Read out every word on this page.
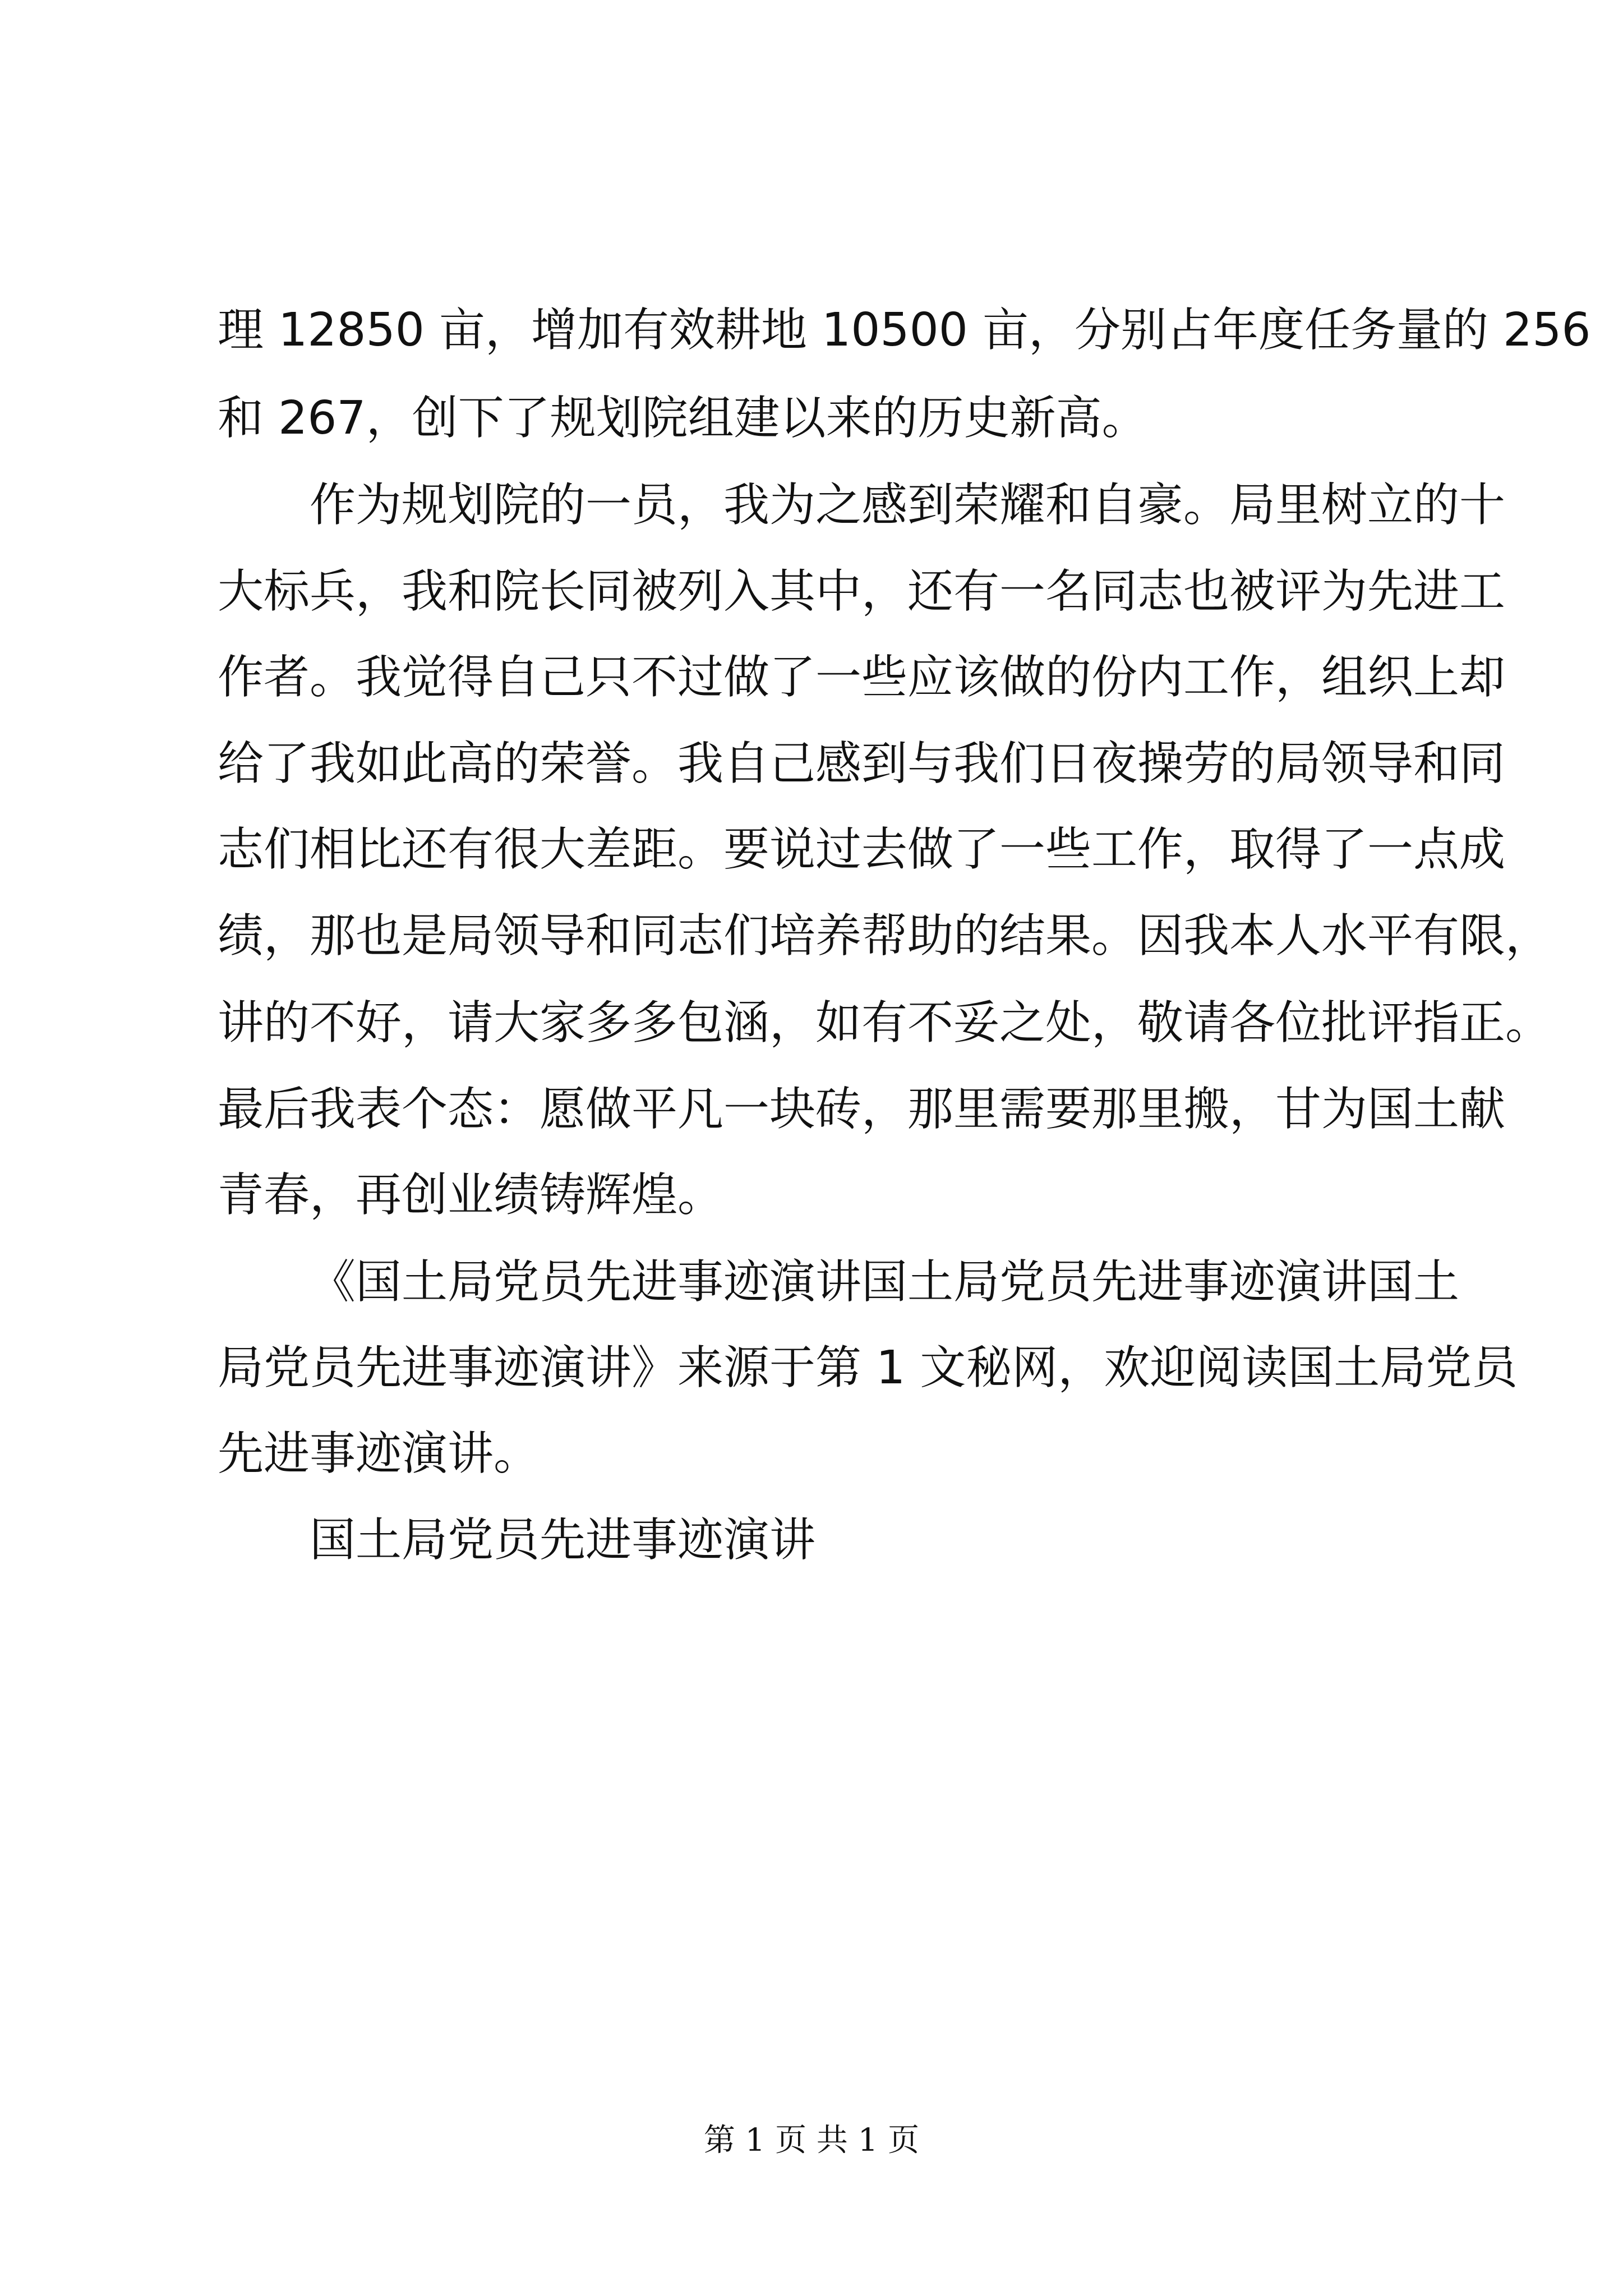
理 12850 亩，增加有效耕地 10500 亩，分别占年度任务量的 256

和 267，创下了规划院组建以来的历史新高。

作为规划院的一员，我为之感到荣耀和自豪。局里树立的十

大标兵，我和院长同被列入其中，还有一名同志也被评为先进工

作者。我觉得自己只不过做了一些应该做的份内工作，组织上却

给了我如此高的荣誉。我自己感到与我们日夜操劳的局领导和同

志们相比还有很大差距。要说过去做了一些工作，取得了一点成

绩，那也是局领导和同志们培养帮助的结果。因我本人水平有限，

讲的不好，请大家多多包涵，如有不妥之处，敬请各位批评指正。

最后我表个态：愿做平凡一块砖，那里需要那里搬，甘为国土献

青春，再创业绩铸辉煌。

《国土局党员先进事迹演讲国土局党员先进事迹演讲国土

局党员先进事迹演讲》来源于第 1 文秘网，欢迎阅读国土局党员

先进事迹演讲。

国土局党员先进事迹演讲

第 1 页 共 1 页
